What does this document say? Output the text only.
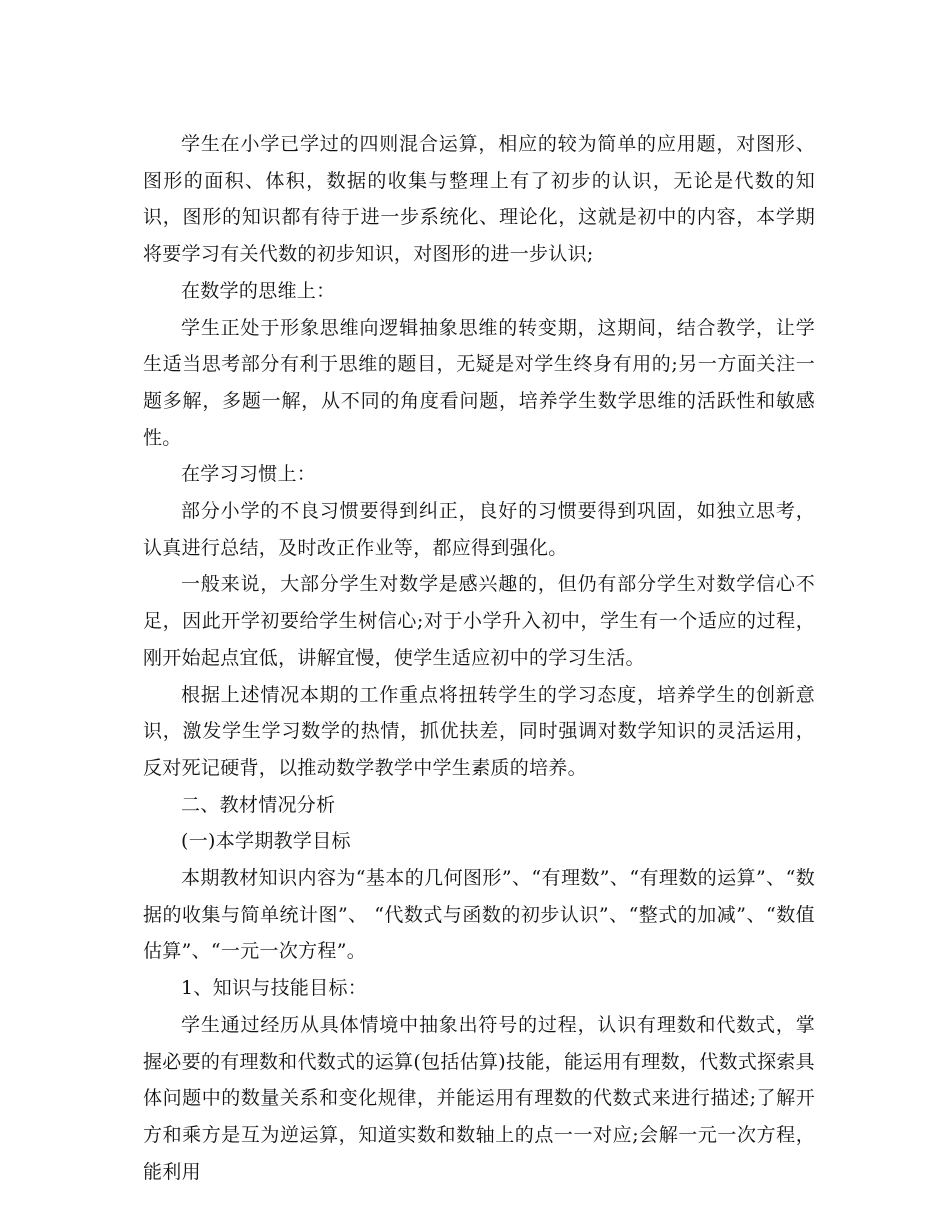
学生在小学已学过的四则混合运算，相应的较为简单的应用题，对图形、图形的面积、体积，数据的收集与整理上有了初步的认识，无论是代数的知识，图形的知识都有待于进一步系统化、理论化，这就是初中的内容，本学期将要学习有关代数的初步知识，对图形的进一步认识;

在数学的思维上：

学生正处于形象思维向逻辑抽象思维的转变期，这期间，结合教学，让学生适当思考部分有利于思维的题目，无疑是对学生终身有用的;另一方面关注一题多解，多题一解，从不同的角度看问题，培养学生数学思维的活跃性和敏感性。

在学习习惯上：

部分小学的不良习惯要得到纠正，良好的习惯要得到巩固，如独立思考，认真进行总结，及时改正作业等，都应得到强化。

一般来说，大部分学生对数学是感兴趣的，但仍有部分学生对数学信心不足，因此开学初要给学生树信心;对于小学升入初中，学生有一个适应的过程，刚开始起点宜低，讲解宜慢，使学生适应初中的学习生活。

根据上述情况本期的工作重点将扭转学生的学习态度，培养学生的创新意识，激发学生学习数学的热情，抓优扶差，同时强调对数学知识的灵活运用，反对死记硬背，以推动数学教学中学生素质的培养。

二、教材情况分析

(一)本学期教学目标

本期教材知识内容为“基本的几何图形”、“有理数”、“有理数的运算”、“数据的收集与简单统计图”、 “代数式与函数的初步认识”、“整式的加减”、“数值估算”、“一元一次方程”。

1、知识与技能目标：

学生通过经历从具体情境中抽象出符号的过程，认识有理数和代数式，掌握必要的有理数和代数式的运算(包括估算)技能，能运用有理数，代数式探索具体问题中的数量关系和变化规律，并能运用有理数的代数式来进行描述;了解开方和乘方是互为逆运算，知道实数和数轴上的点一一对应;会解一元一次方程，能利用
